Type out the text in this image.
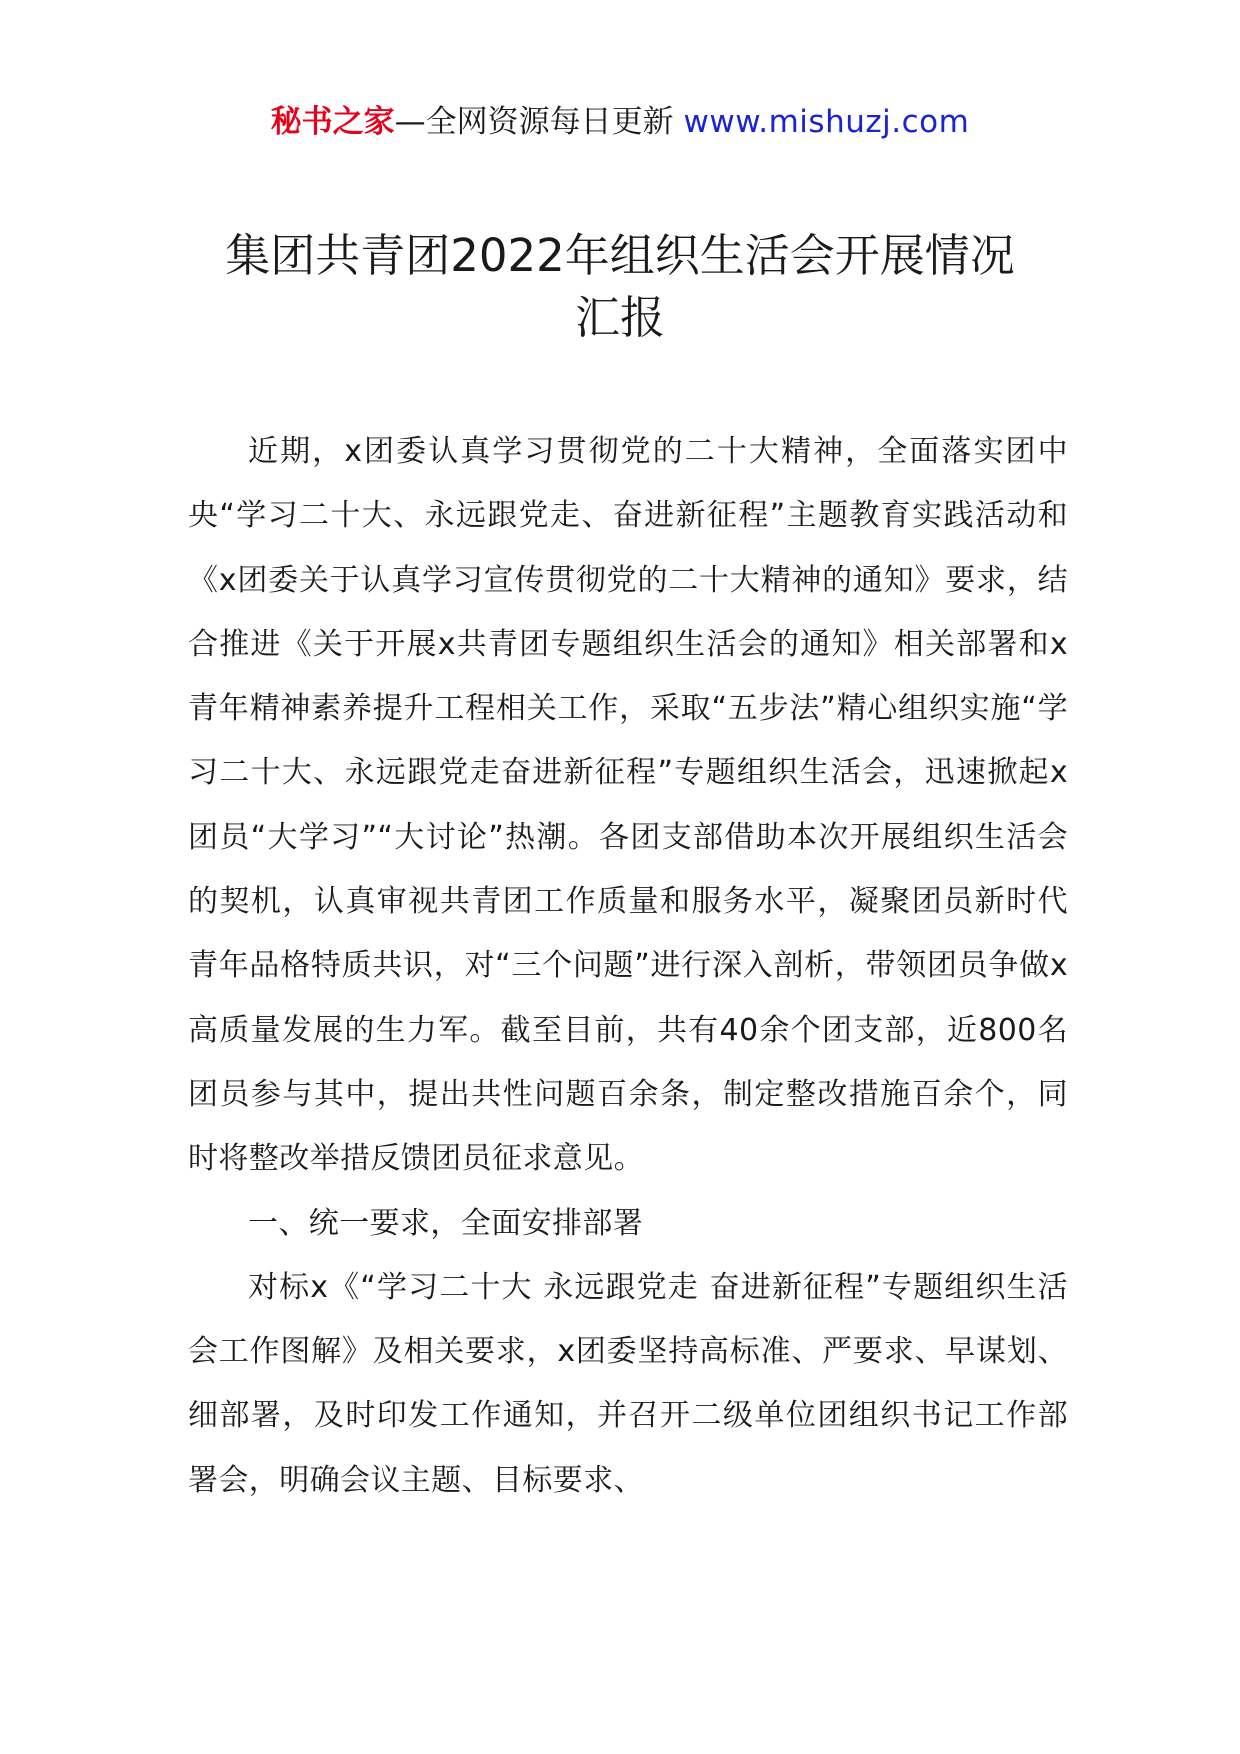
秘书之家—全网资源每日更新 www.mishuzj.com
集团共青团2022年组织生活会开展情况
汇报

近期，x团委认真学习贯彻党的二十大精神，全面落实团中央“学习二十大、永远跟党走、奋进新征程”主题教育实践活动和《x团委关于认真学习宣传贯彻党的二十大精神的通知》要求，结合推进《关于开展x共青团专题组织生活会的通知》相关部署和x青年精神素养提升工程相关工作，采取“五步法”精心组织实施“学习二十大、永远跟党走奋进新征程”专题组织生活会，迅速掀起x团员“大学习”“大讨论”热潮。各团支部借助本次开展组织生活会的契机，认真审视共青团工作质量和服务水平，凝聚团员新时代青年品格特质共识，对“三个问题”进行深入剖析，带领团员争做x高质量发展的生力军。截至目前，共有40余个团支部，近800名团员参与其中，提出共性问题百余条，制定整改措施百余个，同时将整改举措反馈团员征求意见。

一、统一要求，全面安排部署

对标x《“学习二十大 永远跟党走 奋进新征程”专题组织生活会工作图解》及相关要求，x团委坚持高标准、严要求、早谋划、细部署，及时印发工作通知，并召开二级单位团组织书记工作部署会，明确会议主题、目标要求、
